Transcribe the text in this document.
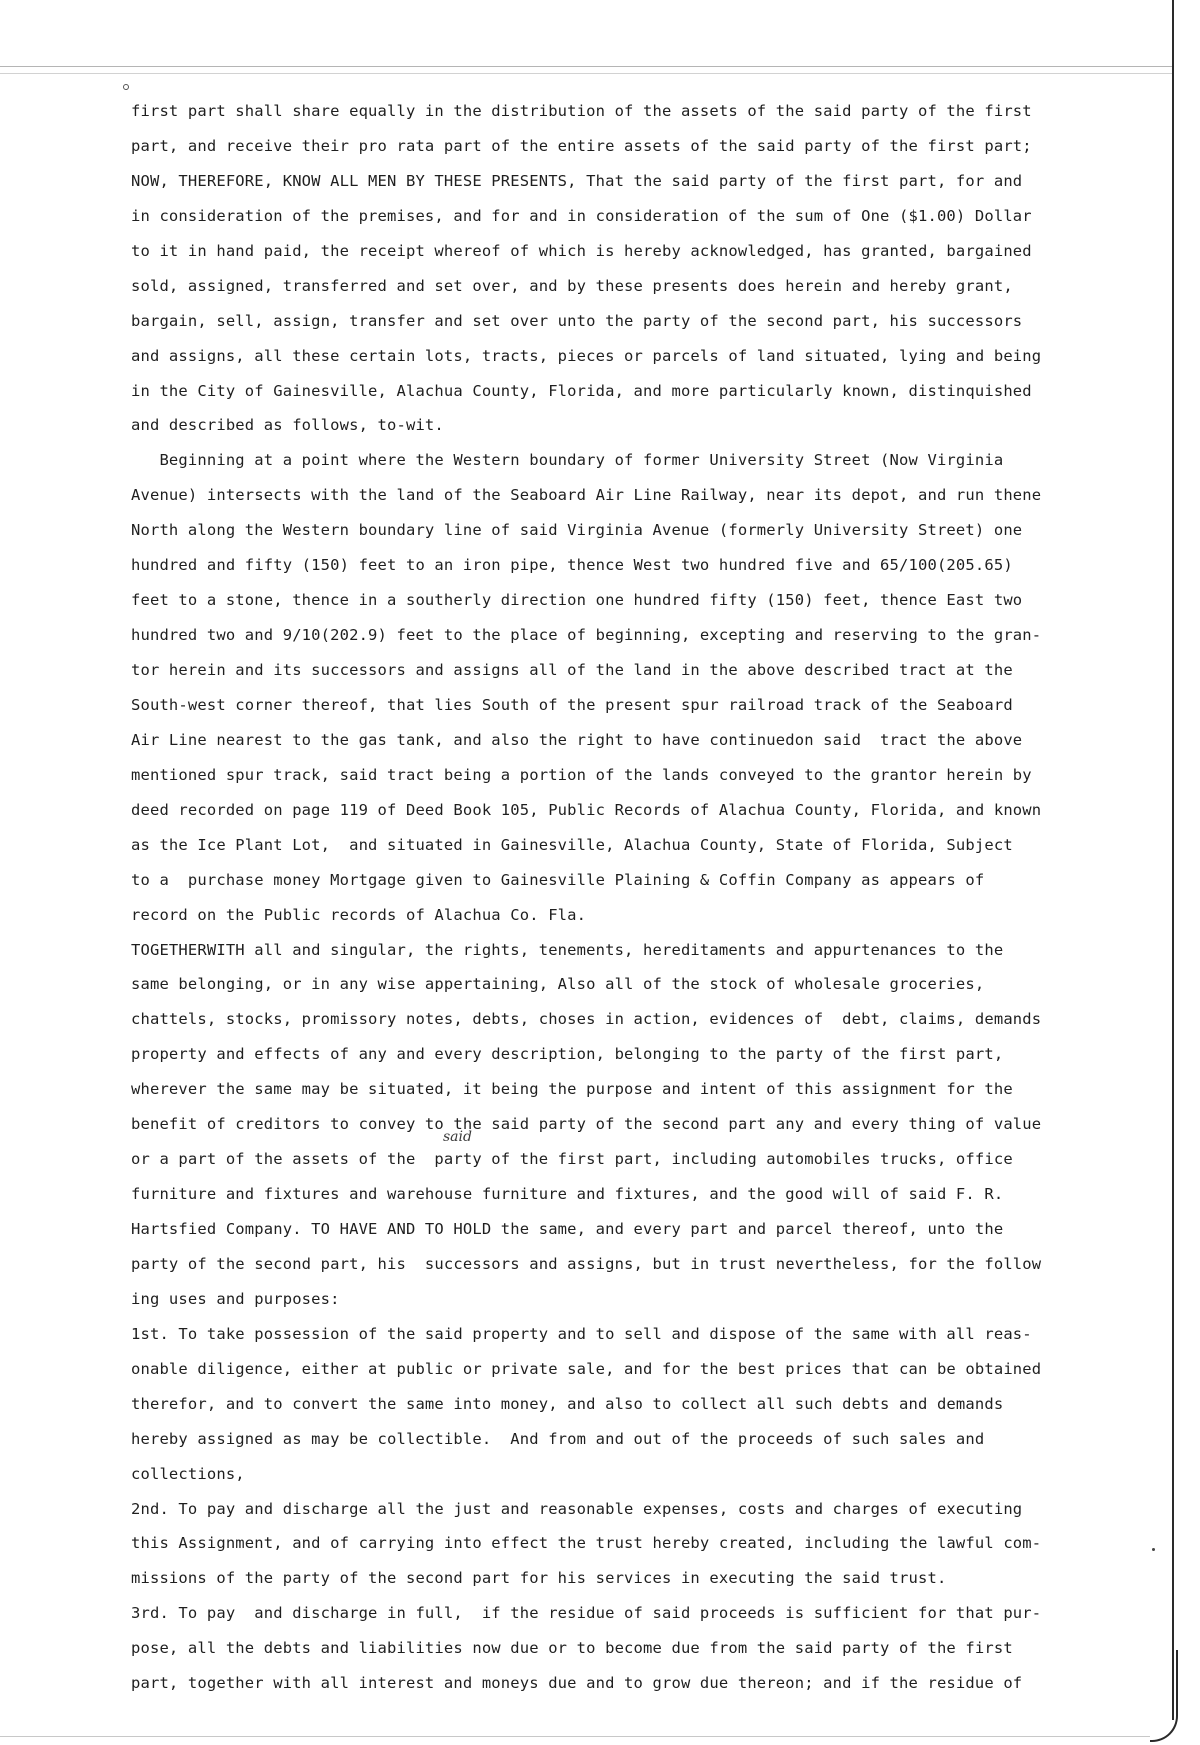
first part shall share equally in the distribution of the assets of the said party of the first
part, and receive their pro rata part of the entire assets of the said party of the first part;
NOW, THEREFORE, KNOW ALL MEN BY THESE PRESENTS, That the said party of the first part, for and
in consideration of the premises, and for and in consideration of the sum of One ($1.00) Dollar
to it in hand paid, the receipt whereof of which is hereby acknowledged, has granted, bargained
sold, assigned, transferred and set over, and by these presents does herein and hereby grant,
bargain, sell, assign, transfer and set over unto the party of the second part, his successors
and assigns, all these certain lots, tracts, pieces or parcels of land situated, lying and being
in the City of Gainesville, Alachua County, Florida, and more particularly known, distinquished
and described as follows, to-wit.
Beginning at a point where the Western boundary of former University Street (Now Virginia
Avenue) intersects with the land of the Seaboard Air Line Railway, near its depot, and run thene
North along the Western boundary line of said Virginia Avenue (formerly University Street) one
hundred and fifty (150) feet to an iron pipe, thence West two hundred five and 65/100(205.65)
feet to a stone, thence in a southerly direction one hundred fifty (150) feet, thence East two
hundred two and 9/10(202.9) feet to the place of beginning, excepting and reserving to the gran-
tor herein and its successors and assigns all of the land in the above described tract at the
South-west corner thereof, that lies South of the present spur railroad track of the Seaboard
Air Line nearest to the gas tank, and also the right to have continuedon said  tract the above
mentioned spur track, said tract being a portion of the lands conveyed to the grantor herein by
deed recorded on page 119 of Deed Book 105, Public Records of Alachua County, Florida, and known
as the Ice Plant Lot,  and situated in Gainesville, Alachua County, State of Florida, Subject
to a  purchase money Mortgage given to Gainesville Plaining & Coffin Company as appears of
record on the Public records of Alachua Co. Fla.
TOGETHERWITH all and singular, the rights, tenements, hereditaments and appurtenances to the
same belonging, or in any wise appertaining, Also all of the stock of wholesale groceries,
chattels, stocks, promissory notes, debts, choses in action, evidences of  debt, claims, demands
property and effects of any and every description, belonging to the party of the first part,
wherever the same may be situated, it being the purpose and intent of this assignment for the
benefit of creditors to convey to the said party of the second part any and every thing of value
or a part of the assets of the  party of the first part, including automobiles trucks, office
furniture and fixtures and warehouse furniture and fixtures, and the good will of said F. R.
Hartsfied Company. TO HAVE AND TO HOLD the same, and every part and parcel thereof, unto the
party of the second part, his  successors and assigns, but in trust nevertheless, for the follow
ing uses and purposes:
1st. To take possession of the said property and to sell and dispose of the same with all reas-
onable diligence, either at public or private sale, and for the best prices that can be obtained
therefor, and to convert the same into money, and also to collect all such debts and demands
hereby assigned as may be collectible.  And from and out of the proceeds of such sales and
collections,
2nd. To pay and discharge all the just and reasonable expenses, costs and charges of executing
this Assignment, and of carrying into effect the trust hereby created, including the lawful com-
missions of the party of the second part for his services in executing the said trust.
3rd. To pay  and discharge in full,  if the residue of said proceeds is sufficient for that pur-
pose, all the debts and liabilities now due or to become due from the said party of the first
part, together with all interest and moneys due and to grow due thereon; and if the residue of
said
